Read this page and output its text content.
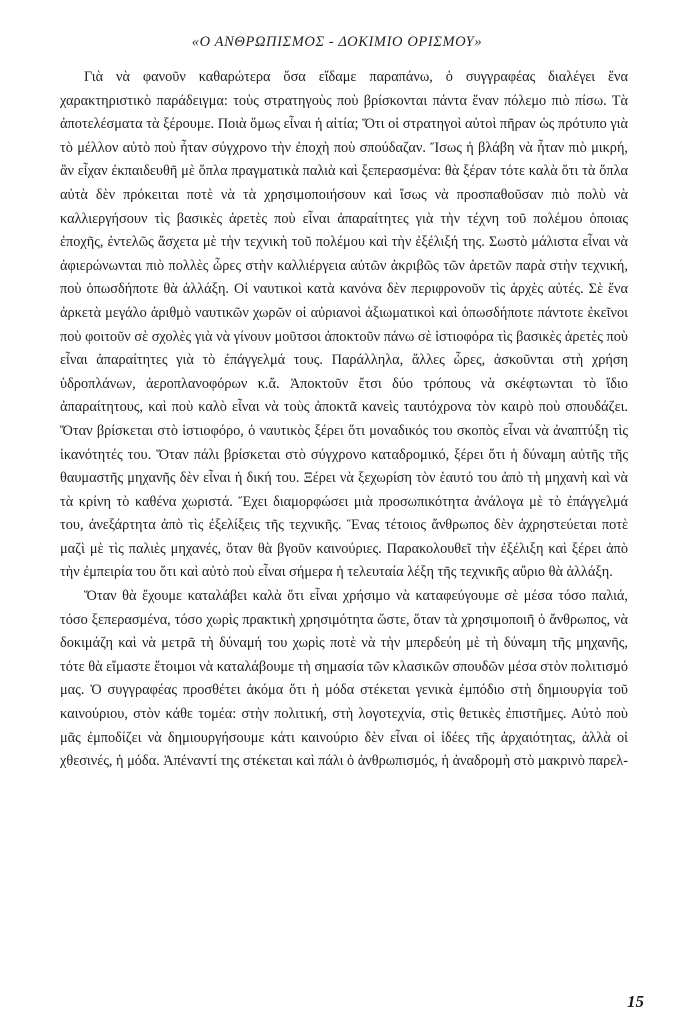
«Ο ΑΝΘΡΩΠΙΣΜΟΣ - ΔΟΚΙΜΙΟ ΟΡΙΣΜΟΥ»

Γιὰ νὰ φανοῦν καθαρώτερα ὅσα εἴδαμε παραπάνω, ὁ συγγραφέας διαλέγει ἕνα χαρακτηριστικὸ παράδειγμα: τοὺς στρατηγοὺς ποὺ βρίσκονται πάντα ἕναν πόλεμο πιὸ πίσω. Τὰ ἀποτελέσματα τὰ ξέρουμε. Ποιὰ ὅμως εἶναι ἡ αἰτία; Ὅτι οἱ στρατηγοὶ αὐτοὶ πῆραν ὡς πρότυπο γιὰ τὸ μέλλον αὐτὸ ποὺ ἦταν σύγχρονο τὴν ἐποχὴ ποὺ σπούδαζαν. Ἴσως ἡ βλάβη νὰ ἦταν πιὸ μικρή, ἂν εἶχαν ἐκπαιδευθῆ μὲ ὅπλα πραγματικὰ παλιὰ καὶ ξεπερασμένα: θὰ ξέραν τότε καλὰ ὅτι τὰ ὅπλα αὐτὰ δὲν πρόκειται ποτὲ νὰ τὰ χρησιμοποιήσουν καὶ ἴσως νὰ προσπαθοῦσαν πιὸ πολὺ νὰ καλλιεργήσουν τὶς βασικὲς ἀρετὲς ποὺ εἶναι ἀπαραίτητες γιὰ τὴν τέχνη τοῦ πολέμου ὁποιας ἐποχῆς, ἐντελῶς ἄσχετα μὲ τὴν τεχνικὴ τοῦ πολέμου καὶ τὴν ἐξέλιξή της. Σωστὸ μάλιστα εἶναι νὰ ἀφιερώνωνται πιὸ πολλὲς ὧρες στὴν καλλιέργεια αὐτῶν ἀκριβῶς τῶν ἀρετῶν παρὰ στὴν τεχνική, ποὺ ὁπωσδήποτε θὰ ἀλλάξη. Οἱ ναυτικοὶ κατὰ κανόνα δὲν περιφρονοῦν τὶς ἀρχὲς αὐτές. Σὲ ἕνα ἀρκετὰ μεγάλο ἀριθμὸ ναυτικῶν χωρῶν οἱ αὐριανοὶ ἀξιωματικοὶ καὶ ὁπωσδήποτε πάντοτε ἐκεῖνοι ποὺ φοιτοῦν σὲ σχολὲς γιὰ νὰ γίνουν μοῦτσοι ἀποκτοῦν πάνω σὲ ἱστιοφόρα τὶς βασικὲς ἀρετὲς ποὺ εἶναι ἀπαραίτητες γιὰ τὸ ἐπάγγελμά τους. Παράλληλα, ἄλλες ὧρες, ἀσκοῦνται στὴ χρήση ὑδροπλάνων, ἀεροπλανοφόρων κ.ἄ. Ἀποκτοῦν ἔτσι δύο τρόπους νὰ σκέφτωνται τὸ ἴδιο ἀπαραίτητους, καὶ ποὺ καλὸ εἶναι νὰ τοὺς ἀποκτᾶ κανεὶς ταυτόχρονα τὸν καιρὸ ποὺ σπουδάζει. Ὅταν βρίσκεται στὸ ἱστιοφόρο, ὁ ναυτικὸς ξέρει ὅτι μοναδικός του σκοπὸς εἶναι νὰ ἀναπτύξη τὶς ἱκανότητές του. Ὅταν πάλι βρίσκεται στὸ σύγχρονο καταδρομικό, ξέρει ὅτι ἡ δύναμη αὐτῆς τῆς θαυμαστῆς μηχανῆς δὲν εἶναι ἡ δική του. Ξέρει νὰ ξεχωρίση τὸν ἑαυτό του ἀπὸ τὴ μηχανὴ καὶ νὰ τὰ κρίνη τὸ καθένα χωριστά. Ἔχει διαμορφώσει μιὰ προσωπικότητα ἀνάλογα μὲ τὸ ἐπάγγελμά του, ἀνεξάρτητα ἀπὸ τὶς ἐξελίξεις τῆς τεχνικῆς. Ἕνας τέτοιος ἄνθρωπος δὲν ἀχρηστεύεται ποτὲ μαζὶ μὲ τὶς παλιὲς μηχανές, ὅταν θὰ βγοῦν καινούριες. Παρακολουθεῖ τὴν ἐξέλιξη καὶ ξέρει ἀπὸ τὴν ἐμπειρία του ὅτι καὶ αὐτὸ ποὺ εἶναι σήμερα ἡ τελευταία λέξη τῆς τεχνικῆς αὔριο θὰ ἀλλάξη.

Ὅταν θὰ ἔχουμε καταλάβει καλὰ ὅτι εἶναι χρήσιμο νὰ καταφεύγουμε σὲ μέσα τόσο παλιά, τόσο ξεπερασμένα, τόσο χωρὶς πρακτικὴ χρησιμότητα ὥστε, ὅταν τὰ χρησιμοποιῆ ὁ ἄνθρωπος, νὰ δοκιμάζη καὶ νὰ μετρᾶ τὴ δύναμή του χωρὶς ποτὲ νὰ τὴν μπερδεύη μὲ τὴ δύναμη τῆς μηχανῆς, τότε θὰ εἴμαστε ἕτοιμοι νὰ καταλάβουμε τὴ σημασία τῶν κλασικῶν σπουδῶν μέσα στὸν πολιτισμό μας. Ὁ συγγραφέας προσθέτει ἀκόμα ὅτι ἡ μόδα στέκεται γενικὰ ἐμπόδιο στὴ δημιουργία τοῦ καινούριου, στὸν κάθε τομέα: στὴν πολιτική, στὴ λογοτεχνία, στὶς θετικὲς ἐπιστῆμες. Αὐτὸ ποὺ μᾶς ἐμποδίζει νὰ δημιουργήσουμε κάτι καινούριο δὲν εἶναι οἱ ἰδέες τῆς ἀρχαιότητας, ἀλλὰ οἱ χθεσινές, ἡ μόδα. Ἀπέναντί της στέκεται καὶ πάλι ὁ ἀνθρωπισμός, ἡ ἀναδρομὴ στὸ μακρινὸ παρελ-

15
